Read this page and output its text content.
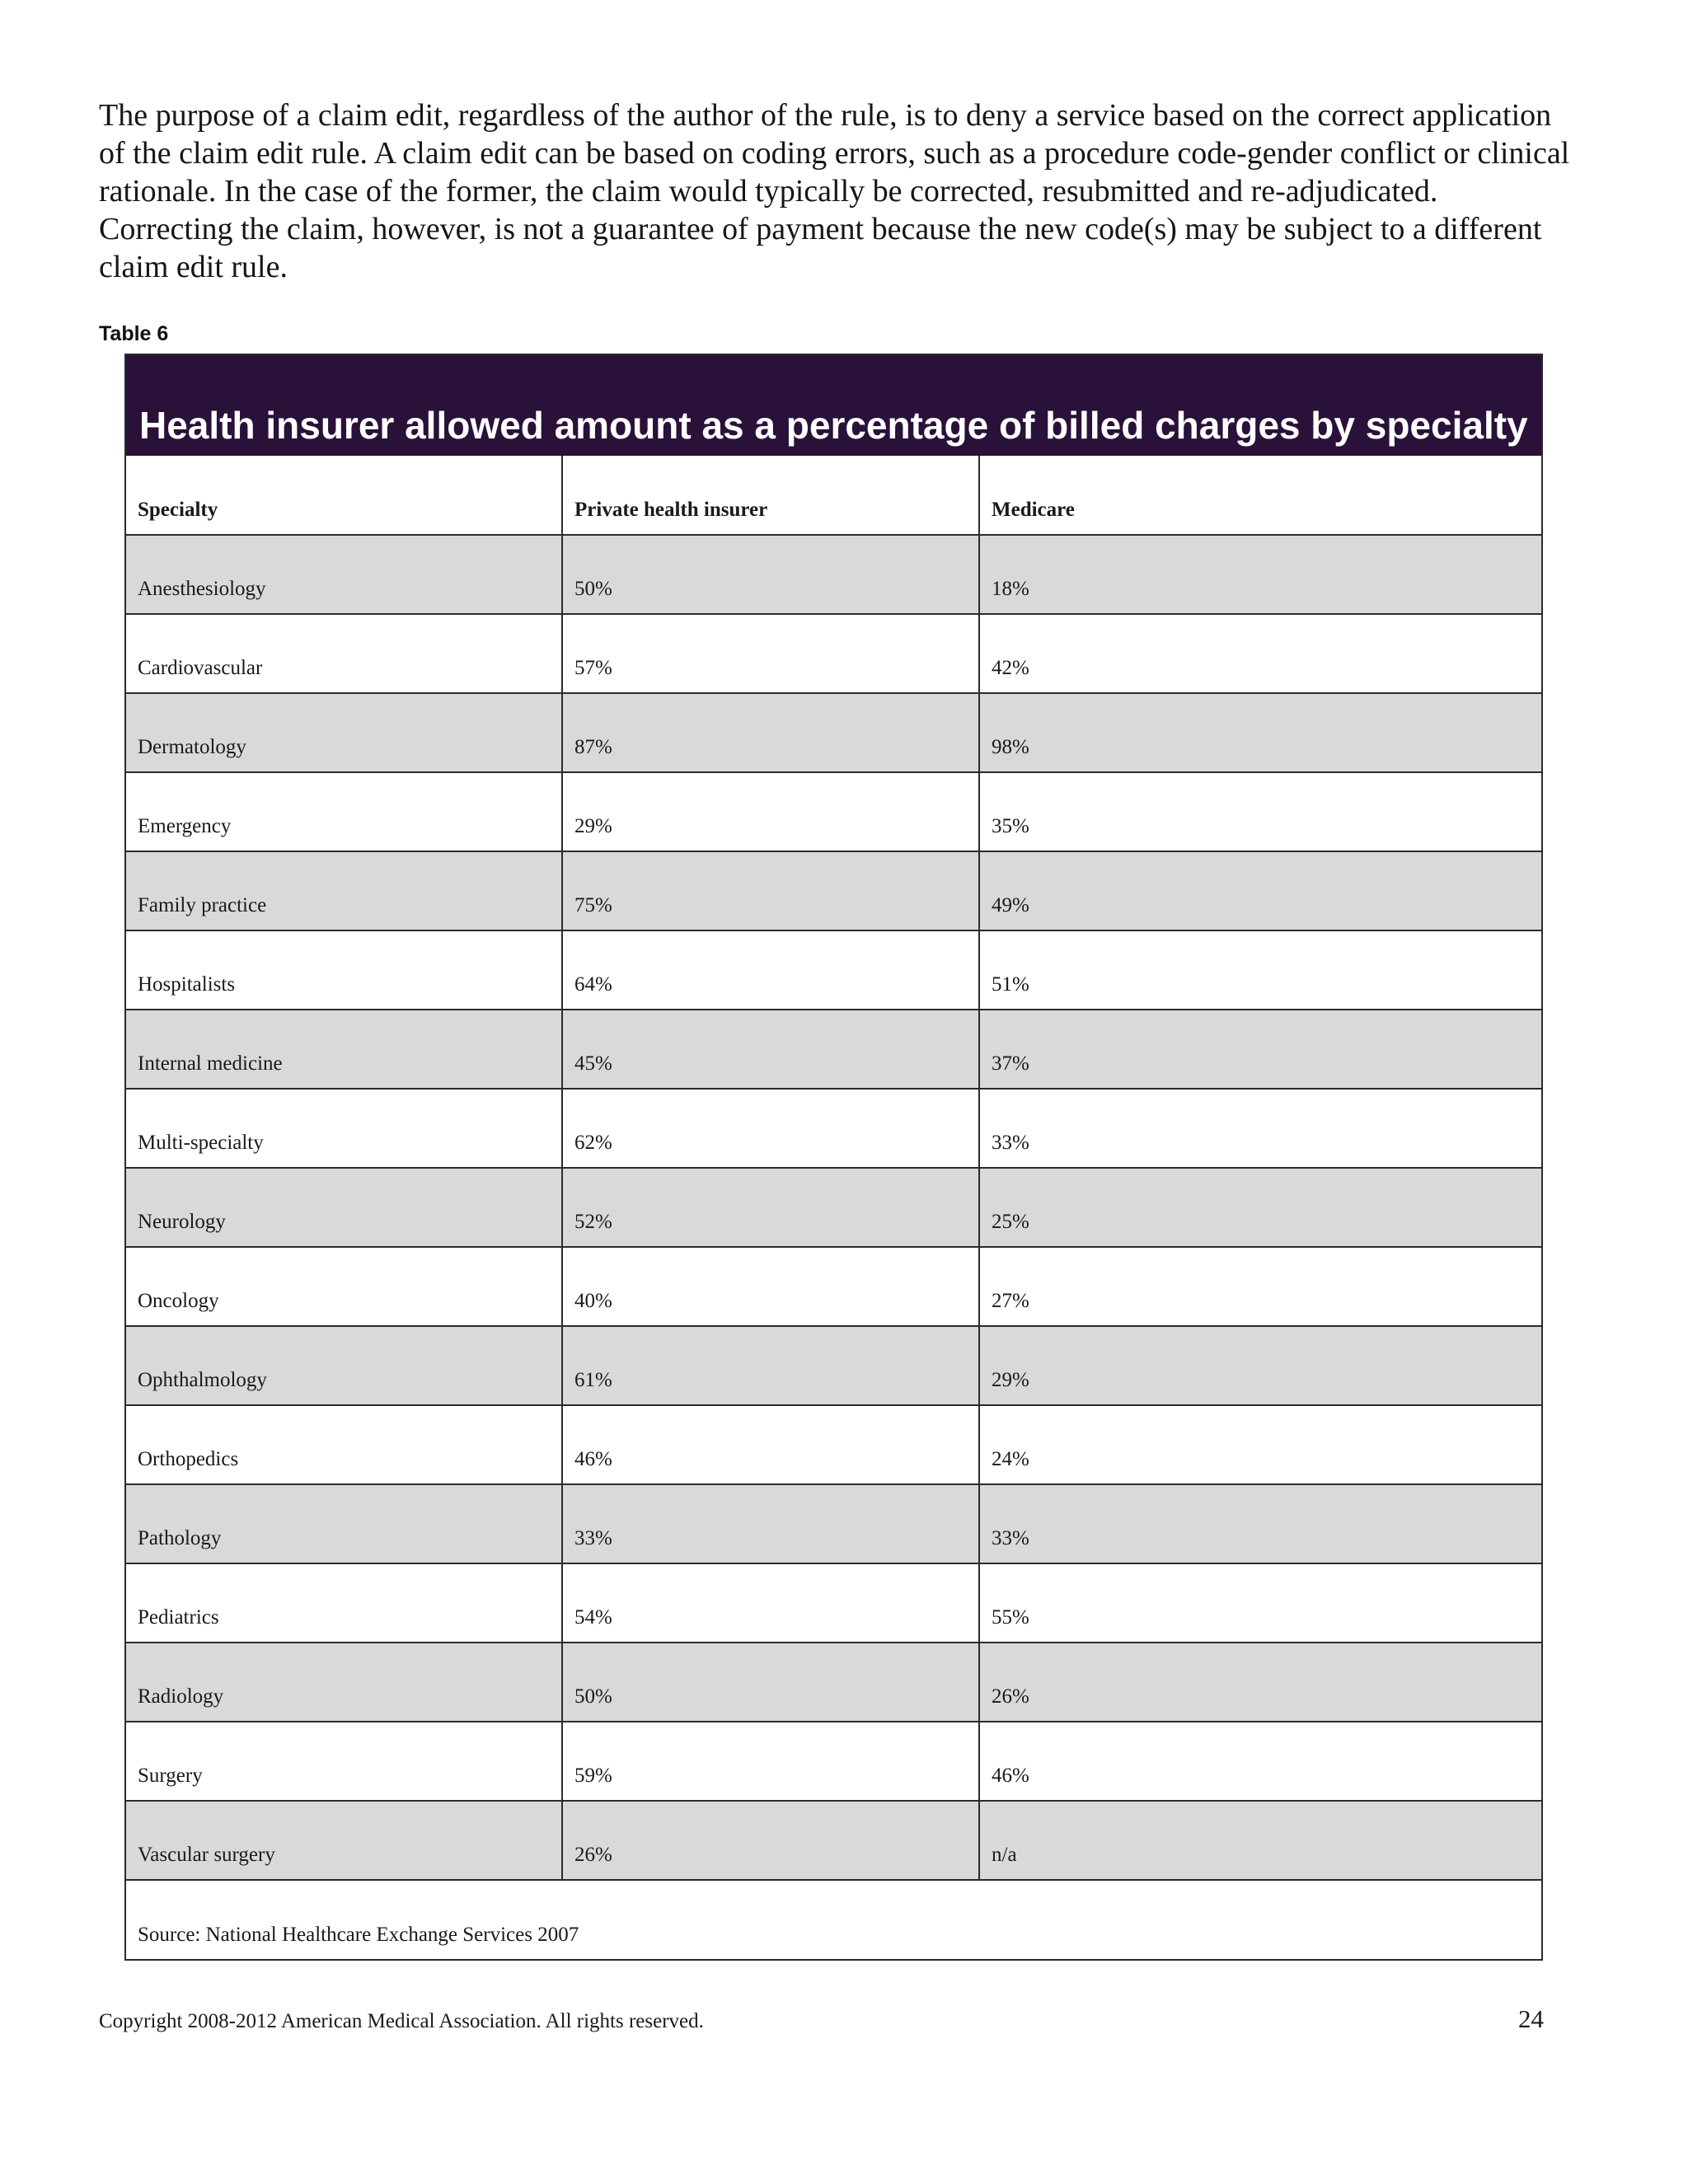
The purpose of a claim edit, regardless of the author of the rule, is to deny a service based on the correct application of the claim edit rule. A claim edit can be based on coding errors, such as a procedure code-gender conflict or clinical rationale. In the case of the former, the claim would typically be corrected, resubmitted and re-adjudicated. Correcting the claim, however, is not a guarantee of payment because the new code(s) may be subject to a different claim edit rule.

Table 6
Health insurer allowed amount as a percentage of billed charges by specialty
Specialty	Private health insurer	Medicare
Anesthesiology	50%	18%
Cardiovascular	57%	42%
Dermatology	87%	98%
Emergency	29%	35%
Family practice	75%	49%
Hospitalists	64%	51%
Internal medicine	45%	37%
Multi-specialty	62%	33%
Neurology	52%	25%
Oncology	40%	27%
Ophthalmology	61%	29%
Orthopedics	46%	24%
Pathology	33%	33%
Pediatrics	54%	55%
Radiology	50%	26%
Surgery	59%	46%
Vascular surgery	26%	n/a
Source: National Healthcare Exchange Services 2007		
Copyright 2008-2012 American Medical Association. All rights reserved.	24
